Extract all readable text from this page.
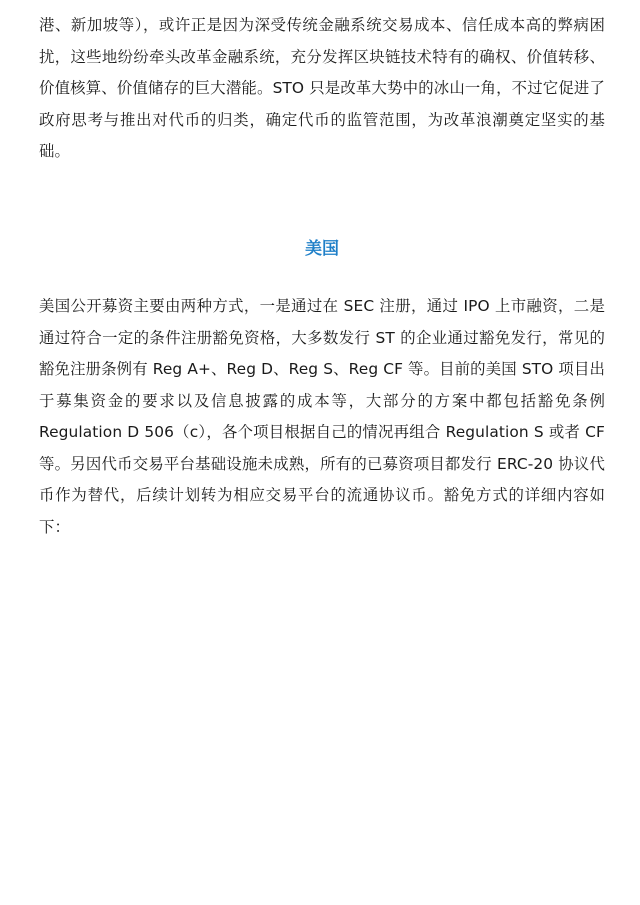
港、新加坡等），或许正是因为深受传统金融系统交易成本、信任成本高的弊病困扰，这些地纷纷牵头改革金融系统，充分发挥区块链技术特有的确权、价值转移、价值核算、价值储存的巨大潜能。STO 只是改革大势中的冰山一角，不过它促进了政府思考与推出对代币的归类，确定代币的监管范围，为改革浪潮奠定坚实的基础。

美国

美国公开募资主要由两种方式，一是通过在 SEC 注册，通过 IPO 上市融资，二是通过符合一定的条件注册豁免资格，大多数发行 ST 的企业通过豁免发行，常见的豁免注册条例有 Reg A+、Reg D、Reg S、Reg CF 等。目前的美国 STO 项目出于募集资金的要求以及信息披露的成本等，大部分的方案中都包括豁免条例 Regulation D 506（c），各个项目根据自己的情况再组合 Regulation S 或者 CF 等。另因代币交易平台基础设施未成熟，所有的已募资项目都发行 ERC-20 协议代币作为替代，后续计划转为相应交易平台的流通协议币。豁免方式的详细内容如下：
